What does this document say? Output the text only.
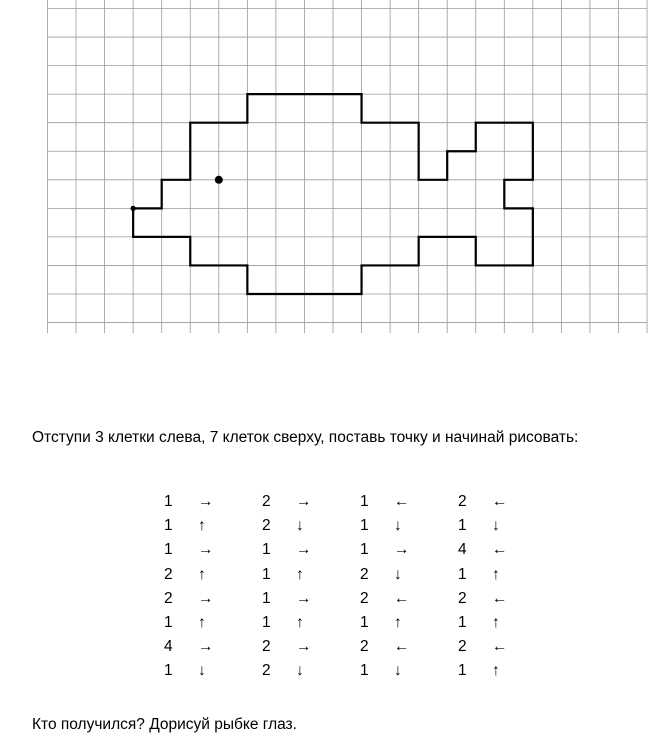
Отступи 3 клетки слева, 7 клеток сверху, поставь точку и начинай рисовать:

1	→	2	→	1	←	2	←
1	↑	2	↓	1	↓	1	↓
1	→	1	→	1	→	4	←
2	↑	1	↑	2	↓	1	↑
2	→	1	→	2	←	2	←
1	↑	1	↑	1	↑	1	↑
4	→	2	→	2	←	2	←
1	↓	2	↓	1	↓	1	↑

Кто получился? Дорисуй рыбке глаз.
